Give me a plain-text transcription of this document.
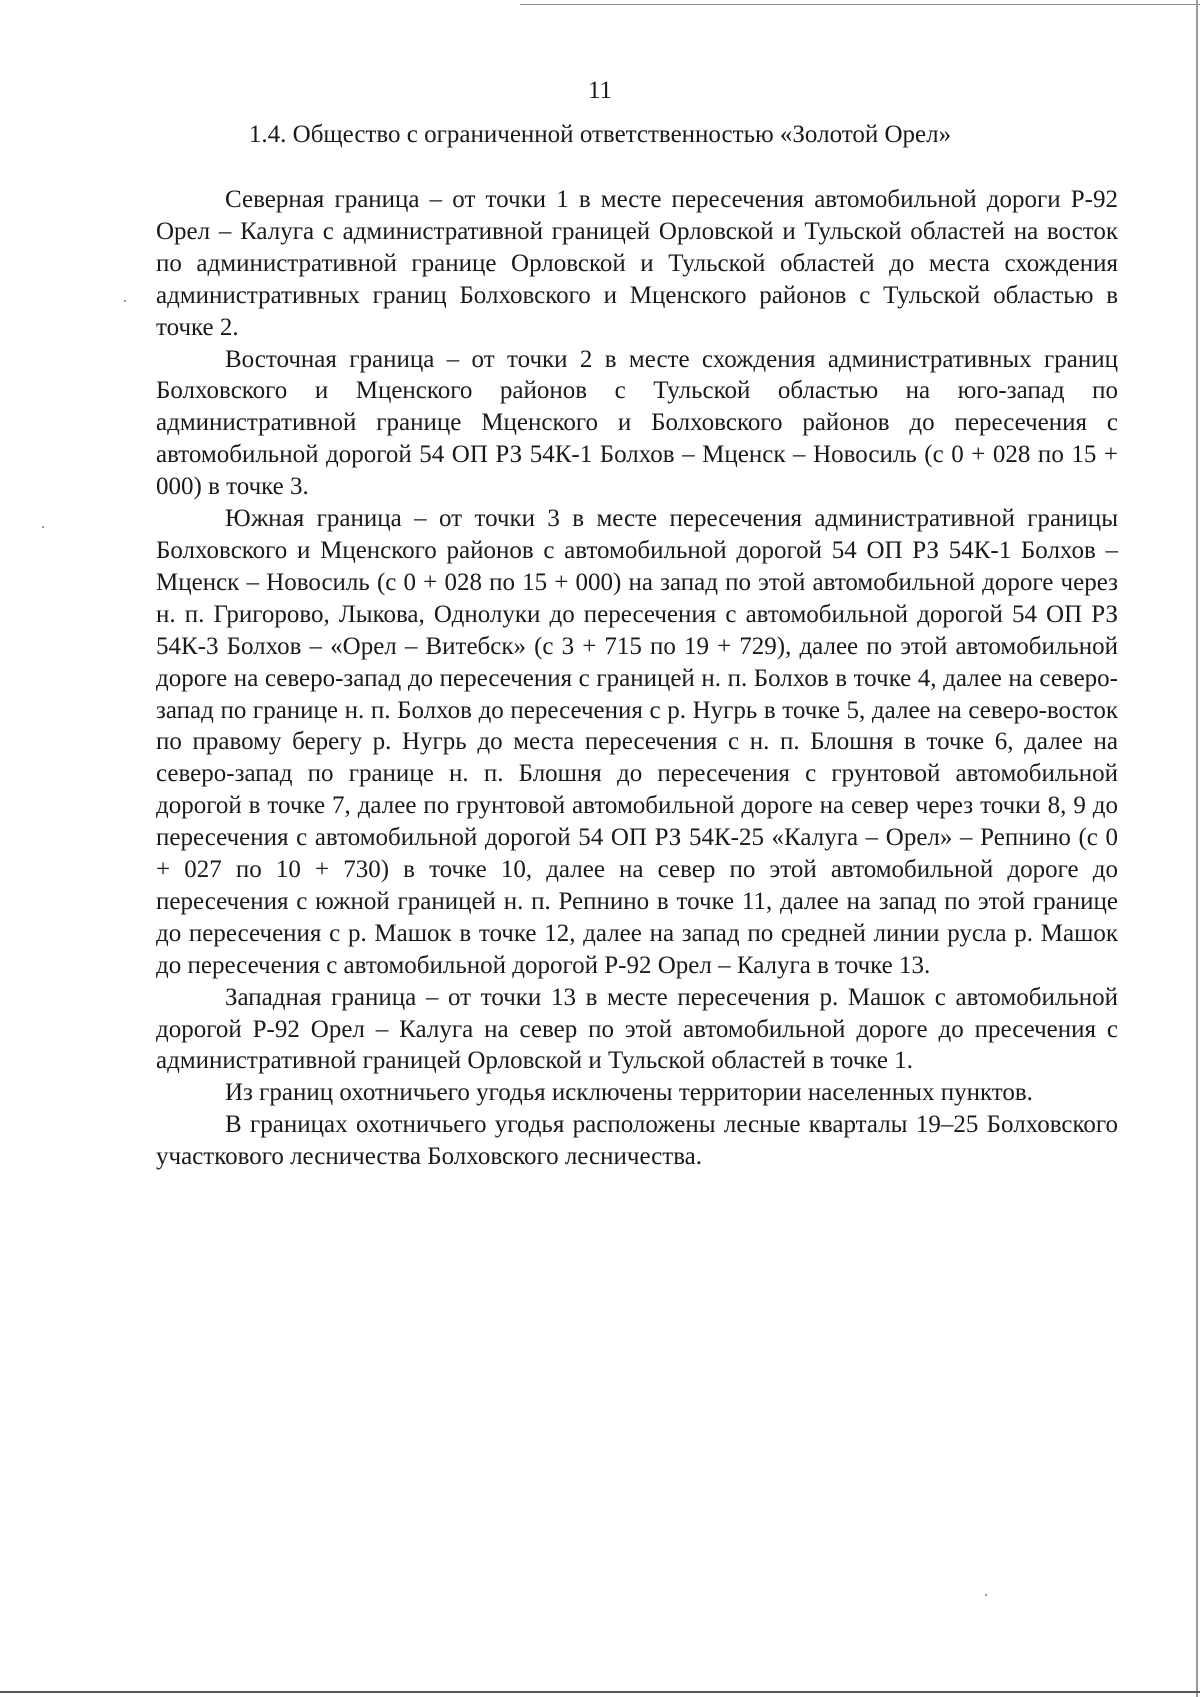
11
1.4. Общество с ограниченной ответственностью «Золотой Орел»

Северная граница – от точки 1 в месте пересечения автомобильной дороги Р-92 Орел – Калуга с административной границей Орловской и Тульской областей на восток по административной границе Орловской и Тульской областей до места схождения административных границ Болховского и Мценского районов с Тульской областью в точке 2.

Восточная граница – от точки 2 в месте схождения административных границ Болховского и Мценского районов с Тульской областью на юго-запад по административной границе Мценского и Болховского районов до пересечения с автомобильной дорогой 54 ОП РЗ 54К-1 Болхов – Мценск – Новосиль (с 0 + 028 по 15 + 000) в точке 3.

Южная граница – от точки 3 в месте пересечения административной границы Болховского и Мценского районов с автомобильной дорогой 54 ОП РЗ 54К-1 Болхов – Мценск – Новосиль (с 0 + 028 по 15 + 000) на запад по этой автомобильной дороге через н. п. Григорово, Лыкова, Однолуки до пересечения с автомобильной дорогой 54 ОП РЗ 54К-3 Болхов – «Орел – Витебск» (с 3 + 715 по 19 + 729), далее по этой автомобильной дороге на северо-запад до пересечения с границей н. п. Болхов в точке 4, далее на северо-запад по границе н. п. Болхов до пересечения с р. Нугрь в точке 5, далее на северо-восток по правому берегу р. Нугрь до места пересечения с н. п. Блошня в точке 6, далее на северо-запад по границе н. п. Блошня до пересечения с грунтовой автомобильной дорогой в точке 7, далее по грунтовой автомобильной дороге на север через точки 8, 9 до пересечения с автомобильной дорогой 54 ОП РЗ 54К-25 «Калуга – Орел» – Репнино (с 0 + 027 по 10 + 730) в точке 10, далее на север по этой автомобильной дороге до пересечения с южной границей н. п. Репнино в точке 11, далее на запад по этой границе до пересечения с р. Машок в точке 12, далее на запад по средней линии русла р. Машок до пересечения с автомобильной дорогой Р-92 Орел – Калуга в точке 13.

Западная граница – от точки 13 в месте пересечения р. Машок с автомобильной дорогой Р-92 Орел – Калуга на север по этой автомобильной дороге до пресечения с административной границей Орловской и Тульской областей в точке 1.

Из границ охотничьего угодья исключены территории населенных пунктов.

В границах охотничьего угодья расположены лесные кварталы 19–25 Болховского участкового лесничества Болховского лесничества.
